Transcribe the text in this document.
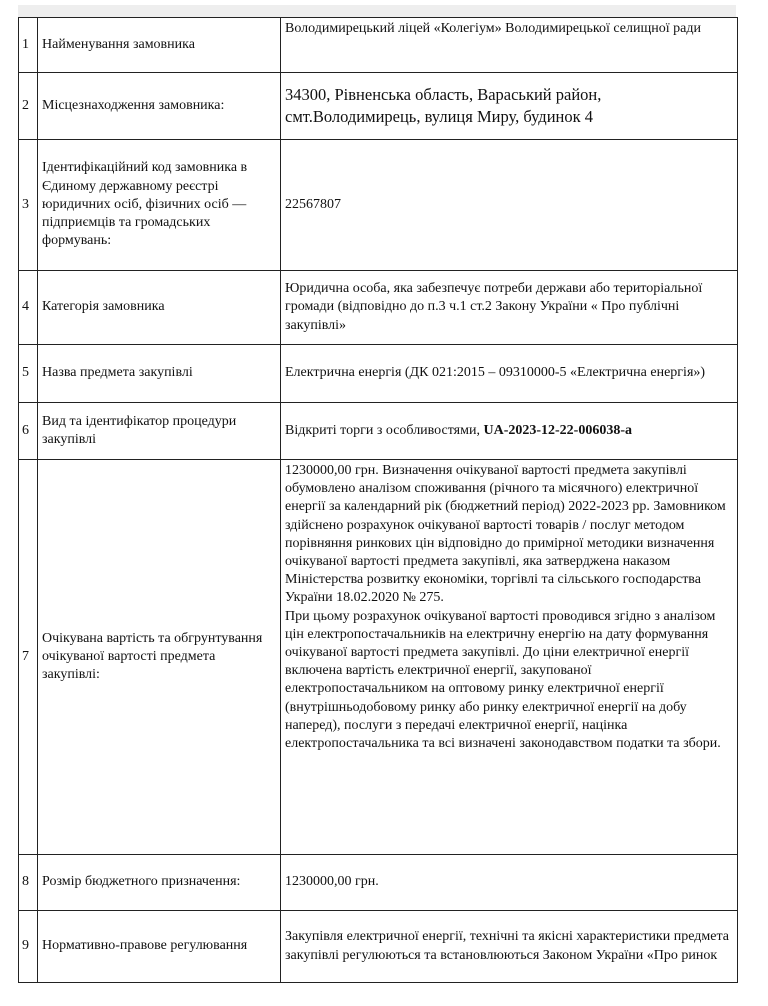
1	Найменування замовника	Володимирецький ліцей «Колегіум» Володимирецької селищної ради
2	Місцезнаходження замовника:	34300, Рівненська область, Вараський район, смт.Володимирець, вулиця Миру, будинок 4
3	Ідентифікаційний код замовника в Єдиному державному реєстрі юридичних осіб, фізичних осіб — підприємців та громадських формувань:	22567807
4	Категорія замовника	Юридична особа, яка забезпечує потреби держави або територіальної громади (відповідно до п.3 ч.1 ст.2 Закону України « Про публічні закупівлі»
5	Назва предмета закупівлі	Електрична енергія (ДК 021:2015 – 09310000-5 «Електрична енергія»)
6	Вид та ідентифікатор процедури закупівлі	Відкриті торги з особливостями, UA-2023-12-22-006038-a
7	Очікувана вартість та обгрунтування очікуваної вартості предмета закупівлі:	1230000,00 грн. Визначення очікуваної вартості предмета закупівлі обумовлено аналізом споживання (річного та місячного) електричної енергії за календарний рік (бюджетний період) 2022-2023 рр. Замовником здійснено розрахунок очікуваної вартості товарів / послуг методом порівняння ринкових цін відповідно до примірної методики визначення очікуваної вартості предмета закупівлі, яка затверджена наказом Міністерства розвитку економіки, торгівлі та сільського господарства України 18.02.2020 № 275.
При цьому розрахунок очікуваної вартості проводився згідно з аналізом цін електропостачальників на електричну енергію на дату формування очікуваної вартості предмета закупівлі. До ціни електричної енергії включена вартість електричної енергії, закупованої електропостачальником на оптовому ринку електричної енергії (внутрішньодобовому ринку або ринку електричної енергії на добу наперед), послуги з передачі електричної енергії, націнка електропостачальника та всі визначені законодавством податки та збори.
8	Розмір бюджетного призначення:	1230000,00 грн.
9	Нормативно-правове регулювання	Закупівля електричної енергії, технічні та якісні характеристики предмета закупівлі регулюються та встановлюються Законом України «Про ринок
